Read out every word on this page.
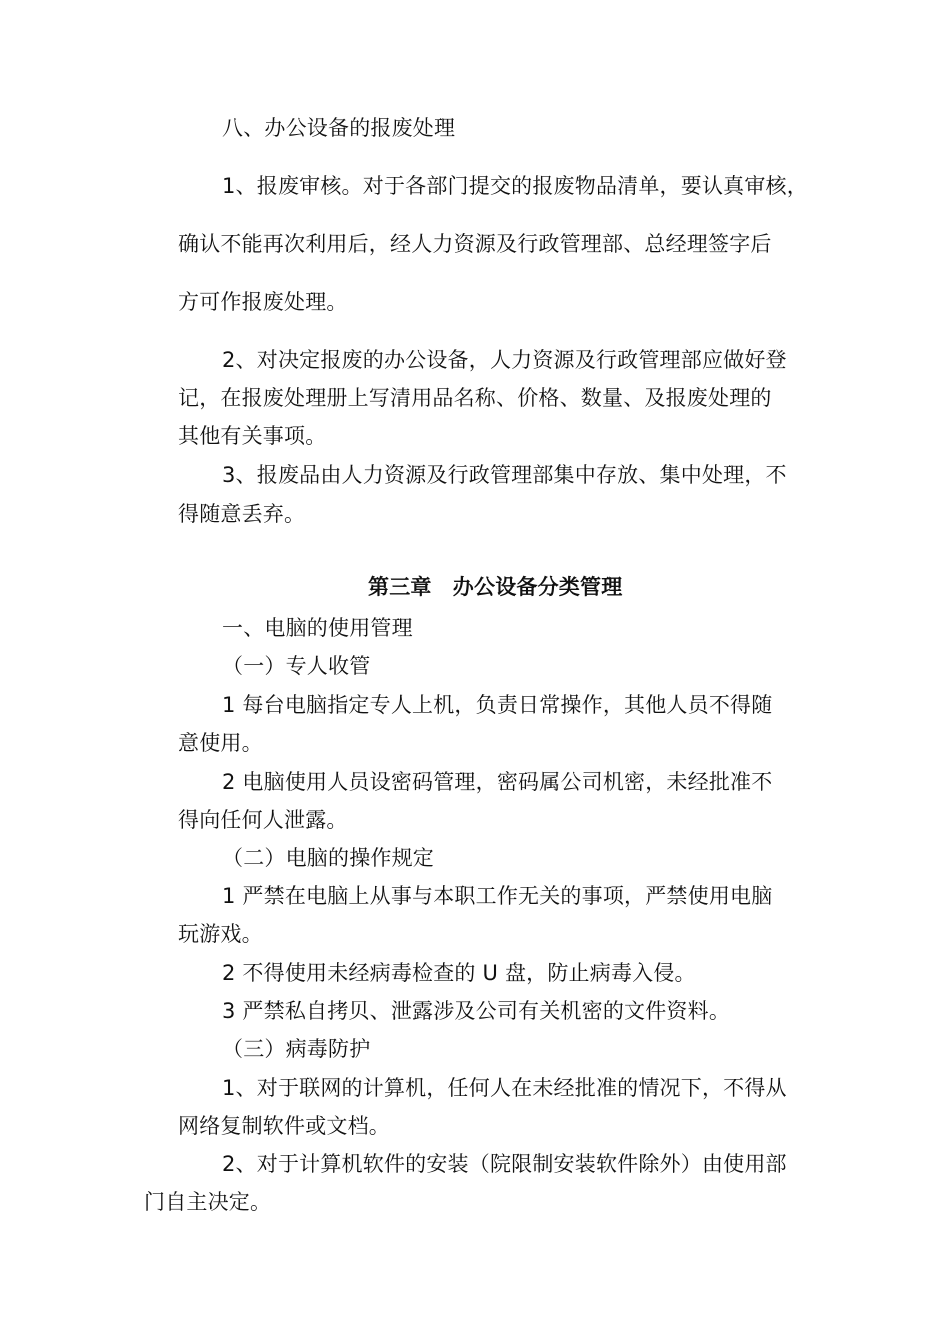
八、办公设备的报废处理
1、报废审核。对于各部门提交的报废物品清单，要认真审核，
确认不能再次利用后，经人力资源及行政管理部、总经理签字后
方可作报废处理。
2、对决定报废的办公设备，人力资源及行政管理部应做好登
记，在报废处理册上写清用品名称、价格、数量、及报废处理的
其他有关事项。
3、报废品由人力资源及行政管理部集中存放、集中处理，不
得随意丢弃。
第三章　办公设备分类管理
一、电脑的使用管理
（一）专人收管
1 每台电脑指定专人上机，负责日常操作，其他人员不得随
意使用。
2 电脑使用人员设密码管理，密码属公司机密，未经批准不
得向任何人泄露。
（二）电脑的操作规定
1 严禁在电脑上从事与本职工作无关的事项，严禁使用电脑
玩游戏。
2 不得使用未经病毒检查的 U 盘，防止病毒入侵。
3 严禁私自拷贝、泄露涉及公司有关机密的文件资料。
（三）病毒防护
1、对于联网的计算机，任何人在未经批准的情况下，不得从
网络复制软件或文档。
2、对于计算机软件的安装（院限制安装软件除外）由使用部
门自主决定。
